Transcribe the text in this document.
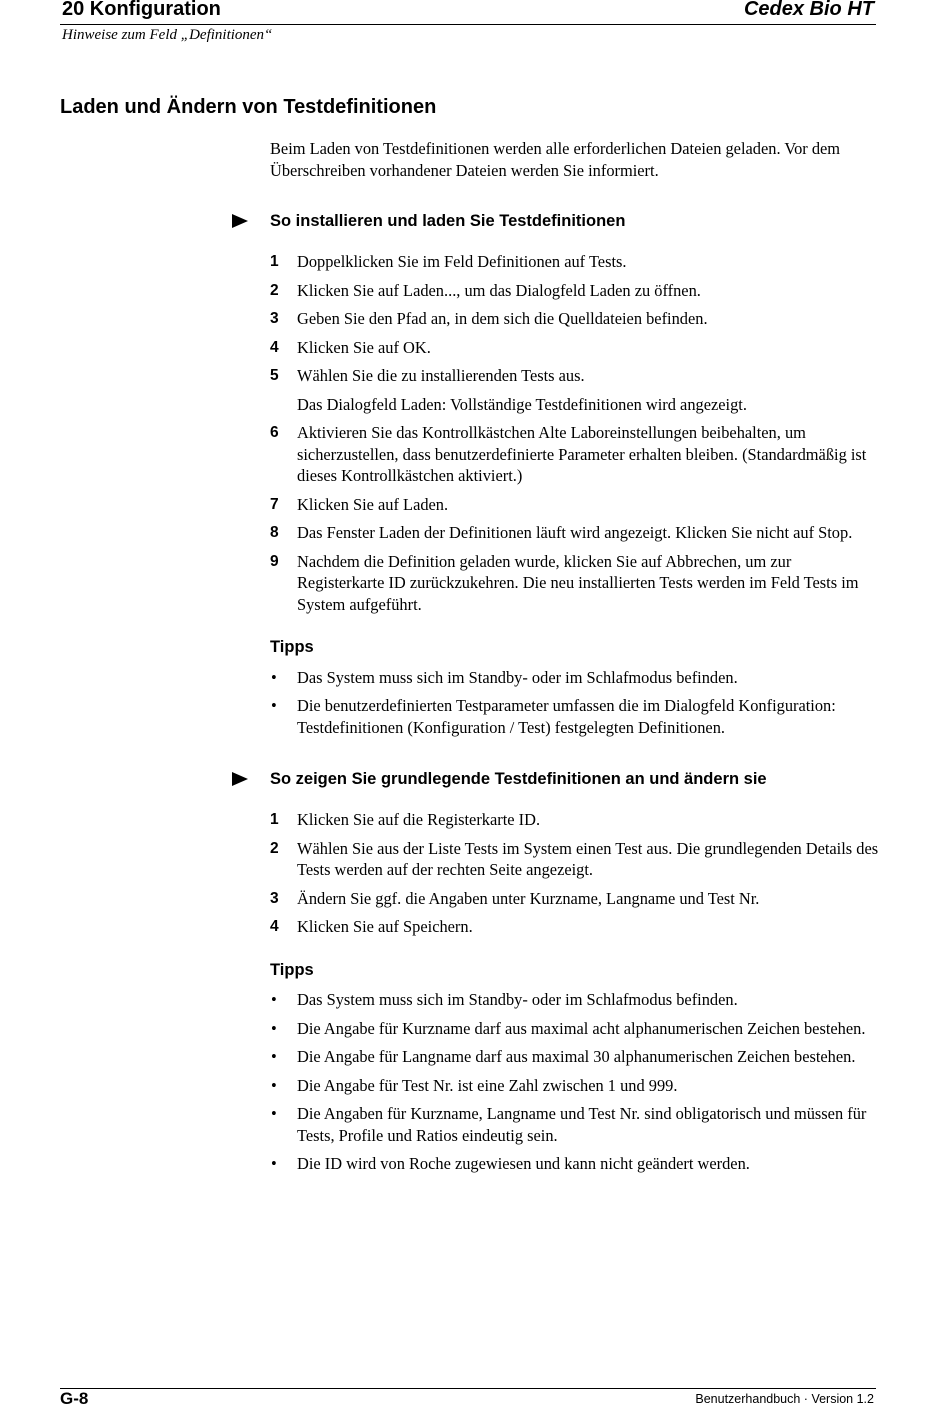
20 Konfiguration	Cedex Bio HT
Hinweise zum Feld „Definitionen“
Laden und Ändern von Testdefinitionen

Beim Laden von Testdefinitionen werden alle erforderlichen Dateien geladen. Vor dem Überschreiben vorhandener Dateien werden Sie informiert.

So installieren und laden Sie Testdefinitionen
1 Doppelklicken Sie im Feld Definitionen auf Tests.
2 Klicken Sie auf Laden..., um das Dialogfeld Laden zu öffnen.
3 Geben Sie den Pfad an, in dem sich die Quelldateien befinden.
4 Klicken Sie auf OK.
5 Wählen Sie die zu installierenden Tests aus.
Das Dialogfeld Laden: Vollständige Testdefinitionen wird angezeigt.
6 Aktivieren Sie das Kontrollkästchen Alte Laboreinstellungen beibehalten, um sicherzustellen, dass benutzerdefinierte Parameter erhalten bleiben. (Standardmäßig ist dieses Kontrollkästchen aktiviert.)
7 Klicken Sie auf Laden.
8 Das Fenster Laden der Definitionen läuft wird angezeigt. Klicken Sie nicht auf Stop.
9 Nachdem die Definition geladen wurde, klicken Sie auf Abbrechen, um zur Registerkarte ID zurückzukehren. Die neu installierten Tests werden im Feld Tests im System aufgeführt.
Tipps
• Das System muss sich im Standby- oder im Schlafmodus befinden.
• Die benutzerdefinierten Testparameter umfassen die im Dialogfeld Konfiguration: Testdefinitionen (Konfiguration / Test) festgelegten Definitionen.
So zeigen Sie grundlegende Testdefinitionen an und ändern sie
1 Klicken Sie auf die Registerkarte ID.
2 Wählen Sie aus der Liste Tests im System einen Test aus. Die grundlegenden Details des Tests werden auf der rechten Seite angezeigt.
3 Ändern Sie ggf. die Angaben unter Kurzname, Langname und Test Nr.
4 Klicken Sie auf Speichern.
Tipps
• Das System muss sich im Standby- oder im Schlafmodus befinden.
• Die Angabe für Kurzname darf aus maximal acht alphanumerischen Zeichen bestehen.
• Die Angabe für Langname darf aus maximal 30 alphanumerischen Zeichen bestehen.
• Die Angabe für Test Nr. ist eine Zahl zwischen 1 und 999.
• Die Angaben für Kurzname, Langname und Test Nr. sind obligatorisch und müssen für Tests, Profile und Ratios eindeutig sein.
• Die ID wird von Roche zugewiesen und kann nicht geändert werden.
G-8	Benutzerhandbuch · Version 1.2
